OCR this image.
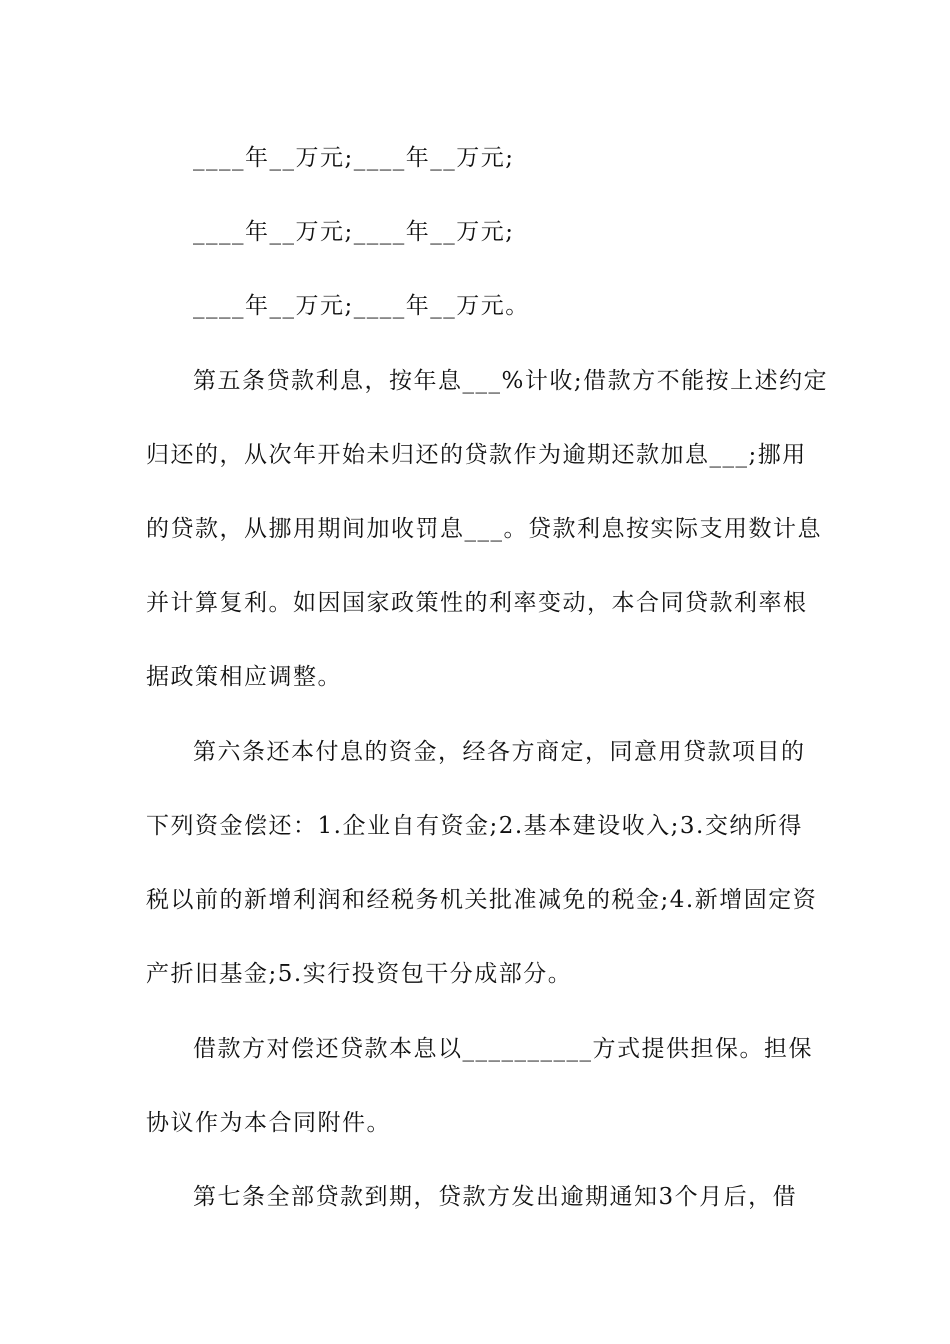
____年__万元;____年__万元;
____年__万元;____年__万元;
____年__万元;____年__万元。
第五条贷款利息，按年息___%计收;借款方不能按上述约定
归还的，从次年开始未归还的贷款作为逾期还款加息___;挪用
的贷款，从挪用期间加收罚息___。贷款利息按实际支用数计息
并计算复利。如因国家政策性的利率变动，本合同贷款利率根
据政策相应调整。
第六条还本付息的资金，经各方商定，同意用贷款项目的
下列资金偿还：1.企业自有资金;2.基本建设收入;3.交纳所得
税以前的新增利润和经税务机关批准减免的税金;4.新增固定资
产折旧基金;5.实行投资包干分成部分。
借款方对偿还贷款本息以__________方式提供担保。担保
协议作为本合同附件。
第七条全部贷款到期，贷款方发出逾期通知3个月后，借
